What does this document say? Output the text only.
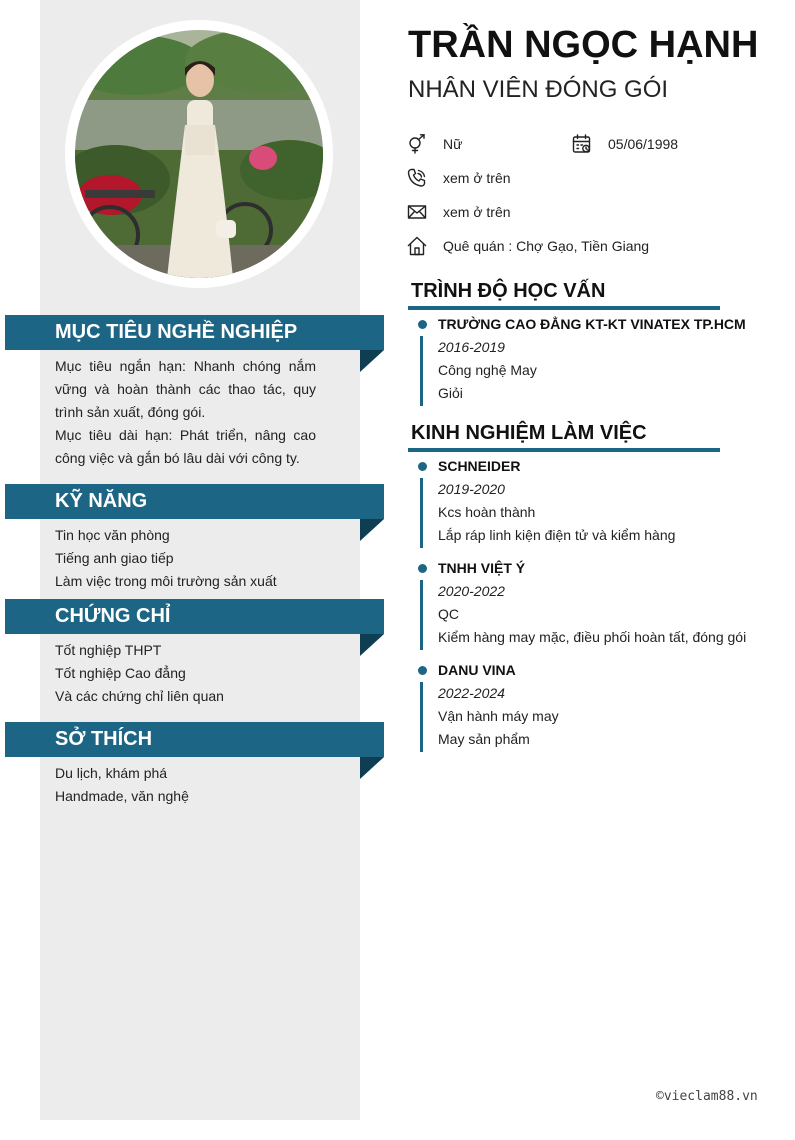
MỤC TIÊU NGHỀ NGHIỆP

Mục tiêu ngắn hạn: Nhanh chóng nắm vững và hoàn thành các thao tác, quy trình sản xuất, đóng gói.

Mục tiêu dài hạn: Phát triển, nâng cao công việc và gắn bó lâu dài với công ty.

KỸ NĂNG
Tin học văn phòng
Tiếng anh giao tiếp
Làm việc trong môi trường sản xuất
CHỨNG CHỈ
Tốt nghiệp THPT
Tốt nghiệp Cao đẳng
Và các chứng chỉ liên quan
SỞ THÍCH
Du lịch, khám phá
Handmade, văn nghệ
TRẦN NGỌC HẠNH
NHÂN VIÊN ĐÓNG GÓI
Nữ	05/06/1998
xem ở trên
xem ở trên
Quê quán : Chợ Gạo, Tiền Giang
TRÌNH ĐỘ HỌC VẤN
TRƯỜNG CAO ĐẲNG KT-KT VINATEX TP.HCM
2016-2019
Công nghệ May
Giỏi
KINH NGHIỆM LÀM VIỆC
SCHNEIDER
2019-2020
Kcs hoàn thành
Lắp ráp linh kiện điện tử và kiểm hàng
TNHH VIỆT Ý
2020-2022
QC
Kiểm hàng may mặc, điều phối hoàn tất, đóng gói
DANU VINA
2022-2024
Vận hành máy may
May sản phẩm
©vieclam88.vn
